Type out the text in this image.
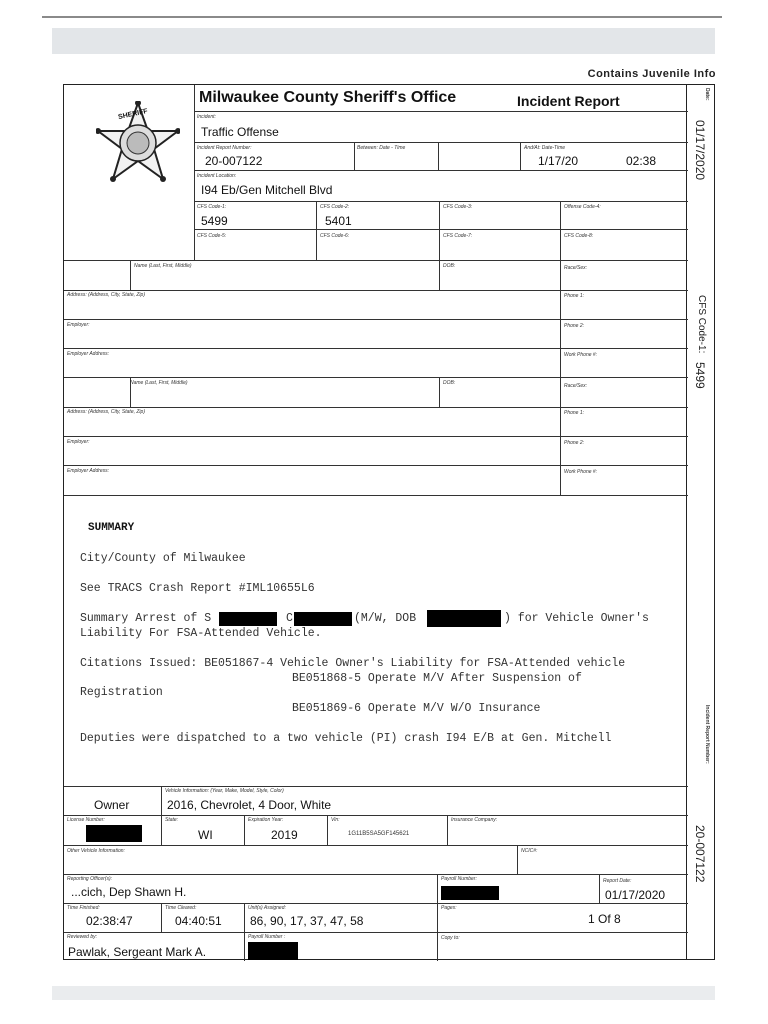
Contains Juvenile Info
SHERIFF
Milwaukee County Sheriff's Office	Incident Report
Incident:
Traffic Offense
Incident Report Number:
20-007122
Between: Date - Time	And/At: Date-Time
1/17/20	02:38
Incident Location:
I94 Eb/Gen Mitchell Blvd
CFS Code-1:
5499
CFS Code-2:
5401
CFS Code-3:	Offense Code-4:
CFS Code-5:	CFS Code-6:	CFS Code-7:	CFS Code-8:
Name (Last, First, Middle)	DOB:	Race/Sex:
Address: (Address, City, State, Zip)	Phone 1:
Employer:	Phone 2:
Employer Address:	Work Phone #:
Name (Last, First, Middle)	DOB:	Race/Sex:
Address: (Address, City, State, Zip)	Phone 1:
Employer:	Phone 2:
Employer Address:	Work Phone #:
SUMMARY
City/County of Milwaukee
See TRACS Crash Report #IML10655L6
Summary Arrest of S	C	(M/W, DOB	) for Vehicle Owner's
Liability For FSA-Attended Vehicle.
Citations Issued: BE051867-4 Vehicle Owner's Liability for FSA-Attended vehicle
BE051868-5 Operate M/V After Suspension of
Registration
BE051869-6 Operate M/V W/O Insurance
Deputies were dispatched to a two vehicle (PI) crash I94 E/B at Gen. Mitchell
Vehicle Information: (Year, Make, Model, Style, Color)
Owner	2016, Chevrolet, 4 Door, White
License Number:	State:
WI
Expiration Year:
2019
Vin:
1G11B5SA5GF145621
Insurance Company:
Other Vehicle Information:	NCIC#:
Reporting Officer(s):
...cich, Dep Shawn H.
Payroll Number:	Report Date:
01/17/2020
Time Finished:
02:38:47
Time Cleared:
04:40:51
Unit(s) Assigned:
86, 90, 17, 37, 47, 58
Pages:
1 Of 8
Reviewed by:
Pawlak, Sergeant Mark A.
Payroll Number :	Copy to:
Date:
01/17/2020
CFS Code-1:
5499
Incident Report Number:
20-007122
